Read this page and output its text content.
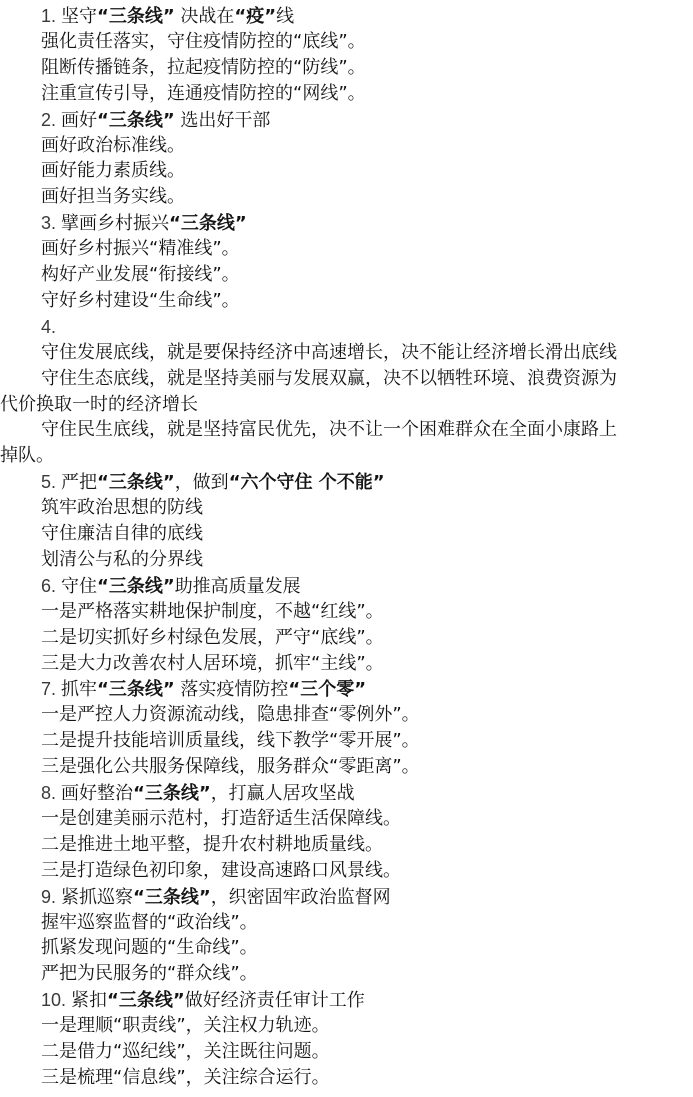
1. 坚守“三条线” 决战在“疫”线
强化责任落实，守住疫情防控的“底线”。
阻断传播链条，拉起疫情防控的“防线”。
注重宣传引导，连通疫情防控的“网线”。
2. 画好“三条线” 选出好干部
画好政治标准线。
画好能力素质线。
画好担当务实线。
3. 擘画乡村振兴“三条线”
画好乡村振兴“精准线”。
构好产业发展“衔接线”。
守好乡村建设“生命线”。
4.
守住发展底线，就是要保持经济中高速增长，决不能让经济增长滑出底线
守住生态底线，就是坚持美丽与发展双赢，决不以牺牲环境、浪费资源为
代价换取一时的经济增长
守住民生底线，就是坚持富民优先，决不让一个困难群众在全面小康路上
掉队。
5. 严把“三条线”，做到“六个守住 个不能”
筑牢政治思想的防线
守住廉洁自律的底线
划清公与私的分界线
6. 守住“三条线”助推高质量发展
一是严格落实耕地保护制度，不越“红线”。
二是切实抓好乡村绿色发展，严守“底线”。
三是大力改善农村人居环境，抓牢“主线”。
7. 抓牢“三条线” 落实疫情防控“三个零”
一是严控人力资源流动线，隐患排查“零例外”。
二是提升技能培训质量线，线下教学“零开展”。
三是强化公共服务保障线，服务群众“零距离”。
8. 画好整治“三条线”，打赢人居攻坚战
一是创建美丽示范村，打造舒适生活保障线。
二是推进土地平整，提升农村耕地质量线。
三是打造绿色初印象，建设高速路口风景线。
9. 紧抓巡察“三条线”，织密固牢政治监督网
握牢巡察监督的“政治线”。
抓紧发现问题的“生命线”。
严把为民服务的“群众线”。
10. 紧扣“三条线”做好经济责任审计工作
一是理顺“职责线”，关注权力轨迹。
二是借力“巡纪线”，关注既往问题。
三是梳理“信息线”，关注综合运行。
